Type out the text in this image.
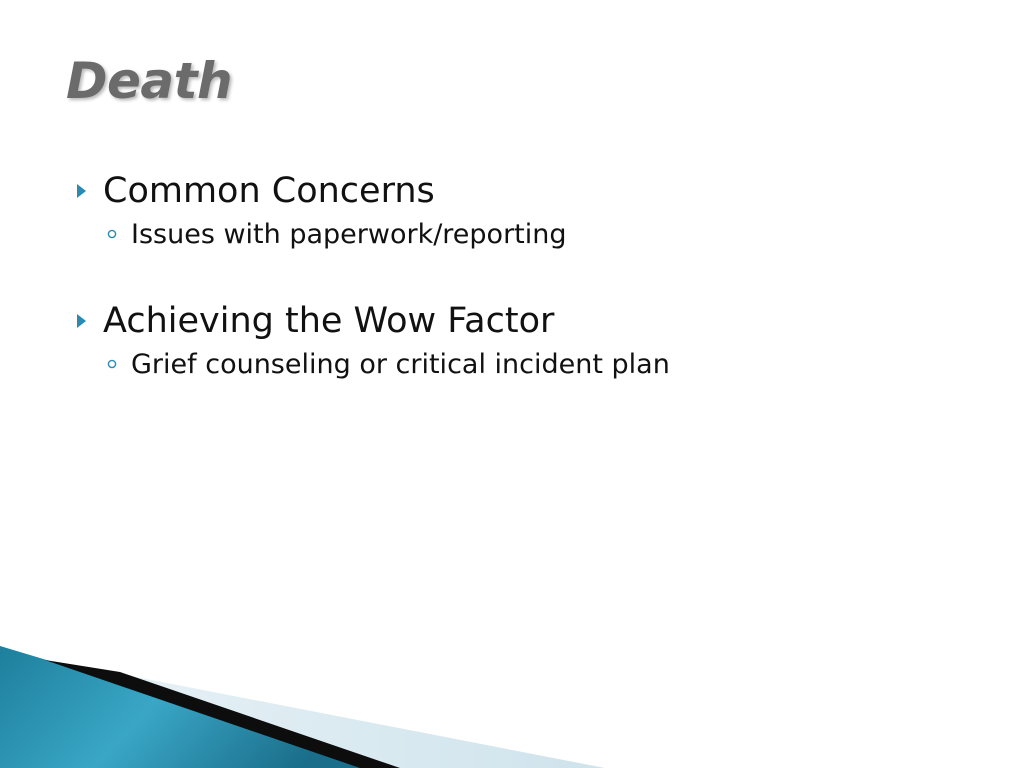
Death
Common Concerns
Issues with paperwork/reporting
Achieving the Wow Factor
Grief counseling or critical incident plan
